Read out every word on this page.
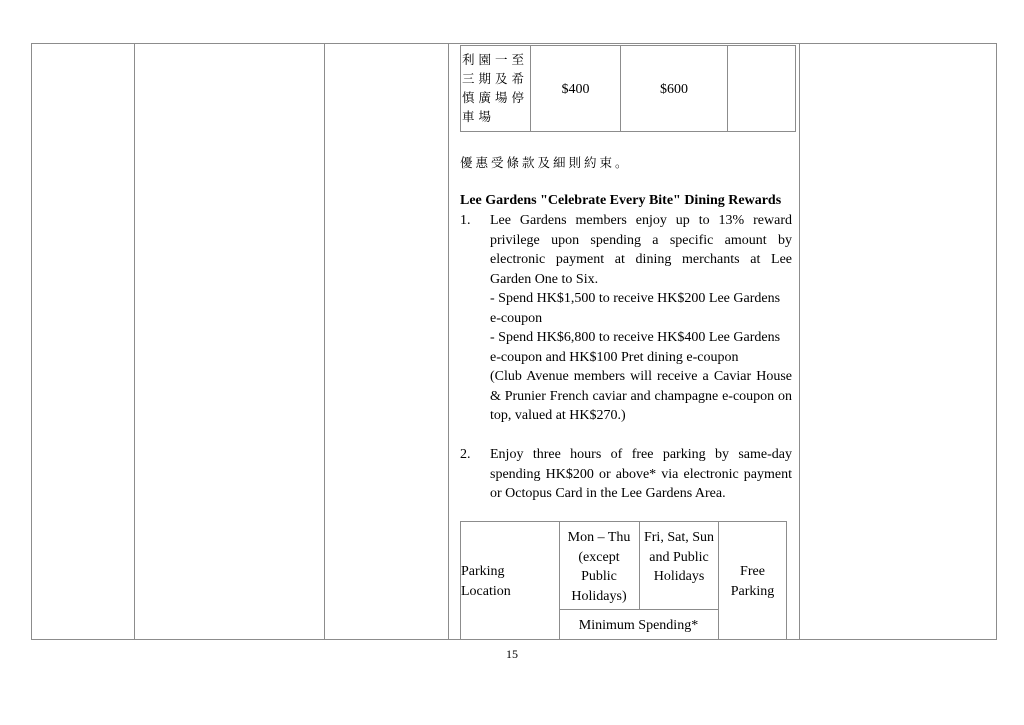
利園一至三期及希慎廣場停車場
$400	$600
優惠受條款及細則約束。
Lee Gardens "Celebrate Every Bite" Dining Rewards
1. Lee Gardens members enjoy up to 13% reward privilege upon spending a specific amount by electronic payment at dining merchants at Lee Garden One to Six.
- Spend HK$1,500 to receive HK$200 Lee Gardens e-coupon
- Spend HK$6,800 to receive HK$400 Lee Gardens e-coupon and HK$100 Pret dining e-coupon
(Club Avenue members will receive a Caviar House & Prunier French caviar and champagne e-coupon on top, valued at HK$270.)
2. Enjoy three hours of free parking by same-day spending HK$200 or above* via electronic payment or Octopus Card in the Lee Gardens Area.
Parking Location
Mon – Thu (except Public Holidays)
Fri, Sat, Sun and Public Holidays	Free Parking
Minimum Spending*
15
